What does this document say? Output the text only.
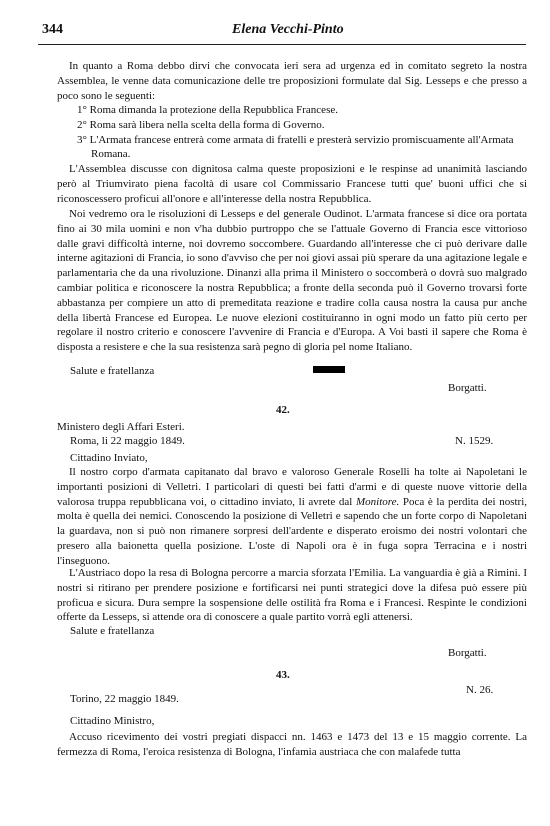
344	Elena Vecchi-Pinto

In quanto a Roma debbo dirvi che convocata ieri sera ad urgenza ed in comitato segreto la nostra Assemblea, le venne data comunicazione delle tre proposizioni formulate dal Sig. Lesseps e che presso a poco sono le seguenti:

1° Roma dimanda la protezione della Repubblica Francese.
2° Roma sarà libera nella scelta della forma di Governo.
3° L'Armata francese entrerà come armata di fratelli e presterà servizio promiscuamente all'Armata Romana.

L'Assemblea discusse con dignitosa calma queste proposizioni e le respinse ad unanimità lasciando però al Triumvirato piena facoltà di usare col Commissario Francese tutti que' buoni uffici che si riconoscessero proficui all'onore e all'interesse della nostra Repubblica.

Noi vedremo ora le risoluzioni di Lesseps e del generale Oudinot. L'armata francese si dice ora portata fino ai 30 mila uomini e non v'ha dubbio purtroppo che se l'attuale Governo di Francia esce vittorioso dalle gravi difficoltà interne, noi dovremo soccombere. Guardando all'interesse che ci può derivare dalle interne agitazioni di Francia, io sono d'avviso che per noi giovi assai più sperare da una agitazione legale e parlamentaria che da una rivoluzione. Dinanzi alla prima il Ministero o soccomberà o dovrà suo malgrado cambiar politica e riconoscere la nostra Repubblica; a fronte della seconda può il Governo trovarsi forte abbastanza per compiere un atto di premeditata reazione e tradire colla causa nostra la causa pur anche della libertà Francese ed Europea. Le nuove elezioni costituiranno in ogni modo un fatto più certo per regolare il nostro criterio e conoscere l'avvenire di Francia e d'Europa. A Voi basti il sapere che Roma è disposta a resistere e che la sua resistenza sarà pegno di gloria pel nome Italiano.

Salute e fratellanza
Borgatti.
42.
Ministero degli Affari Esteri.
Roma, li 22 maggio 1849.	N. 1529.
Cittadino Inviato,

Il nostro corpo d'armata capitanato dal bravo e valoroso Generale Roselli ha tolte ai Napoletani le importanti posizioni di Velletri. I particolari di questi bei fatti d'armi e di queste nuove vittorie della valorosa truppa repubblicana voi, o cittadino inviato, li avrete dal Monitore. Poca è la perdita dei nostri, molta è quella dei nemici. Conoscendo la posizione di Velletri e sapendo che un forte corpo di Napoletani la guardava, non si può non rimanere sorpresi dell'ardente e disperato eroismo dei nostri volontari che presero alla baionetta quella posizione. L'oste di Napoli ora è in fuga sopra Terracina e i nostri l'inseguono.

L'Austriaco dopo la resa di Bologna percorre a marcia sforzata l'Emilia. La vanguardia è già a Rimini. I nostri si ritirano per prendere posizione e fortificarsi nei punti strategici dove la difesa può essere più proficua e sicura. Dura sempre la sospensione delle ostilità fra Roma e i Francesi. Respinte le condizioni offerte da Lesseps, si attende ora di conoscere a quale partito vorrà egli attenersi.

Salute e fratellanza
Borgatti.
43.
Torino, 22 maggio 1849.
N. 26.
Cittadino Ministro,

Accuso ricevimento dei vostri pregiati dispacci nn. 1463 e 1473 del 13 e 15 maggio corrente. La fermezza di Roma, l'eroica resistenza di Bologna, l'infamia austriaca che con malafede tutta
